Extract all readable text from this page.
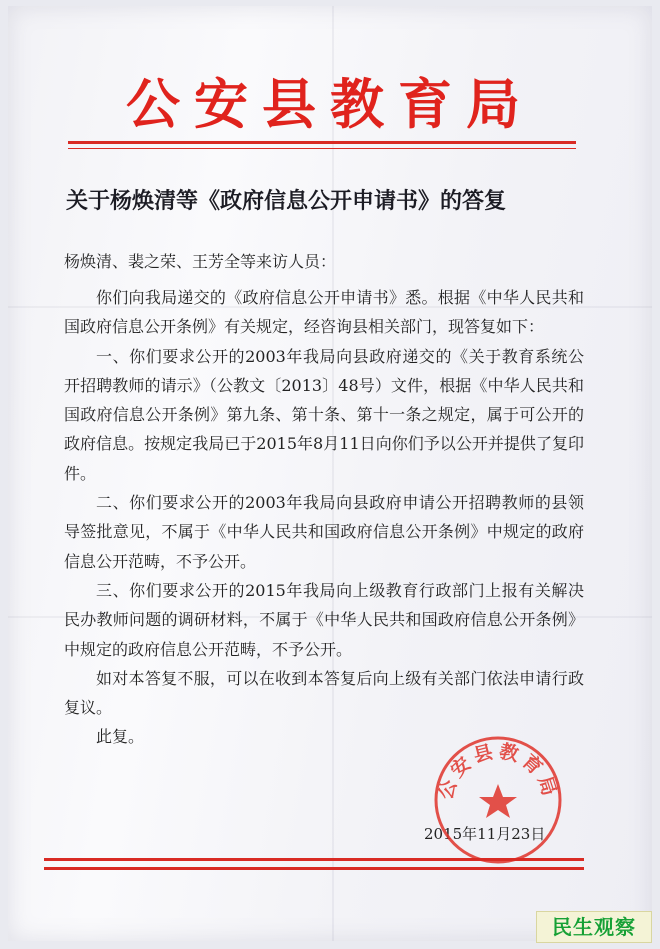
公安县教育局
关于杨焕清等《政府信息公开申请书》的答复
杨焕清、裴之荣、王芳全等来访人员：

你们向我局递交的《政府信息公开申请书》悉。根据《中华人民共和国政府信息公开条例》有关规定，经咨询县相关部门，现答复如下：

一、你们要求公开的2003年我局向县政府递交的《关于教育系统公开招聘教师的请示》（公教文〔2013〕48号）文件，根据《中华人民共和国政府信息公开条例》第九条、第十条、第十一条之规定，属于可公开的政府信息。按规定我局已于2015年8月11日向你们予以公开并提供了复印件。

二、你们要求公开的2003年我局向县政府申请公开招聘教师的县领导签批意见，不属于《中华人民共和国政府信息公开条例》中规定的政府信息公开范畴，不予公开。

三、你们要求公开的2015年我局向上级教育行政部门上报有关解决民办教师问题的调研材料，不属于《中华人民共和国政府信息公开条例》中规定的政府信息公开范畴，不予公开。

如对本答复不服，可以在收到本答复后向上级有关部门依法申请行政复议。

此复。

2015年11月23日
公安县教育局
民生观察
